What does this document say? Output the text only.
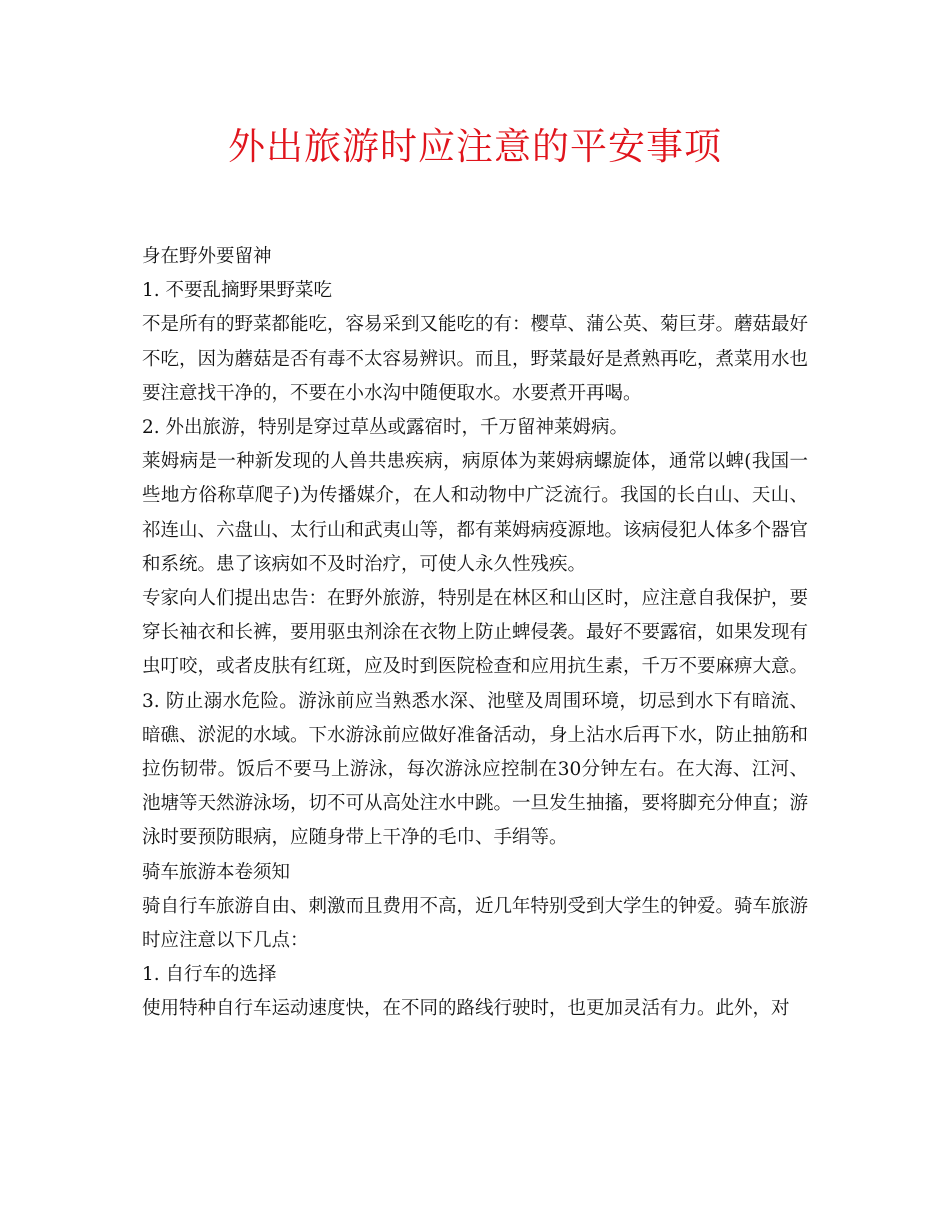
外出旅游时应注意的平安事项

身在野外要留神

1. 不要乱摘野果野菜吃

不是所有的野菜都能吃，容易采到又能吃的有：樱草、蒲公英、菊巨芽。蘑菇最好不吃，因为蘑菇是否有毒不太容易辨识。而且，野菜最好是煮熟再吃，煮菜用水也要注意找干净的，不要在小水沟中随便取水。水要煮开再喝。

2. 外出旅游，特别是穿过草丛或露宿时，千万留神莱姆病。

莱姆病是一种新发现的人兽共患疾病，病原体为莱姆病螺旋体，通常以蜱(我国一些地方俗称草爬子)为传播媒介，在人和动物中广泛流行。我国的长白山、天山、祁连山、六盘山、太行山和武夷山等，都有莱姆病疫源地。该病侵犯人体多个器官和系统。患了该病如不及时治疗，可使人永久性残疾。

专家向人们提出忠告：在野外旅游，特别是在林区和山区时，应注意自我保护，要穿长袖衣和长裤，要用驱虫剂涂在衣物上防止蜱侵袭。最好不要露宿，如果发现有虫叮咬，或者皮肤有红斑，应及时到医院检查和应用抗生素，千万不要麻痹大意。

3. 防止溺水危险。游泳前应当熟悉水深、池壁及周围环境，切忌到水下有暗流、暗礁、淤泥的水域。下水游泳前应做好准备活动，身上沾水后再下水，防止抽筋和拉伤韧带。饭后不要马上游泳，每次游泳应控制在30分钟左右。在大海、江河、池塘等天然游泳场，切不可从高处注水中跳。一旦发生抽搐，要将脚充分伸直；游泳时要预防眼病，应随身带上干净的毛巾、手绢等。

骑车旅游本卷须知

骑自行车旅游自由、刺激而且费用不高，近几年特别受到大学生的钟爱。骑车旅游时应注意以下几点：

1. 自行车的选择

使用特种自行车运动速度快，在不同的路线行驶时，也更加灵活有力。此外，对
